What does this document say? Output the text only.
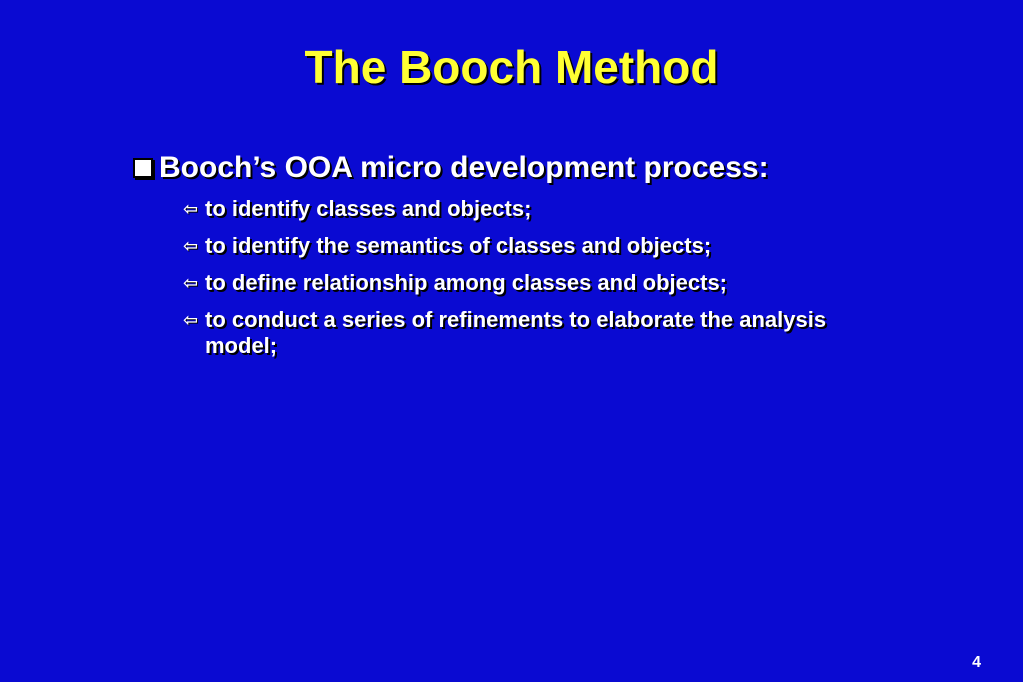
The Booch Method
Booch’s OOA micro development process:
⇦ to identify classes and objects;
⇦ to identify the semantics of classes and objects;
⇦ to define relationship among classes and objects;
⇦ to conduct a series of refinements to elaborate the analysis model;
4
